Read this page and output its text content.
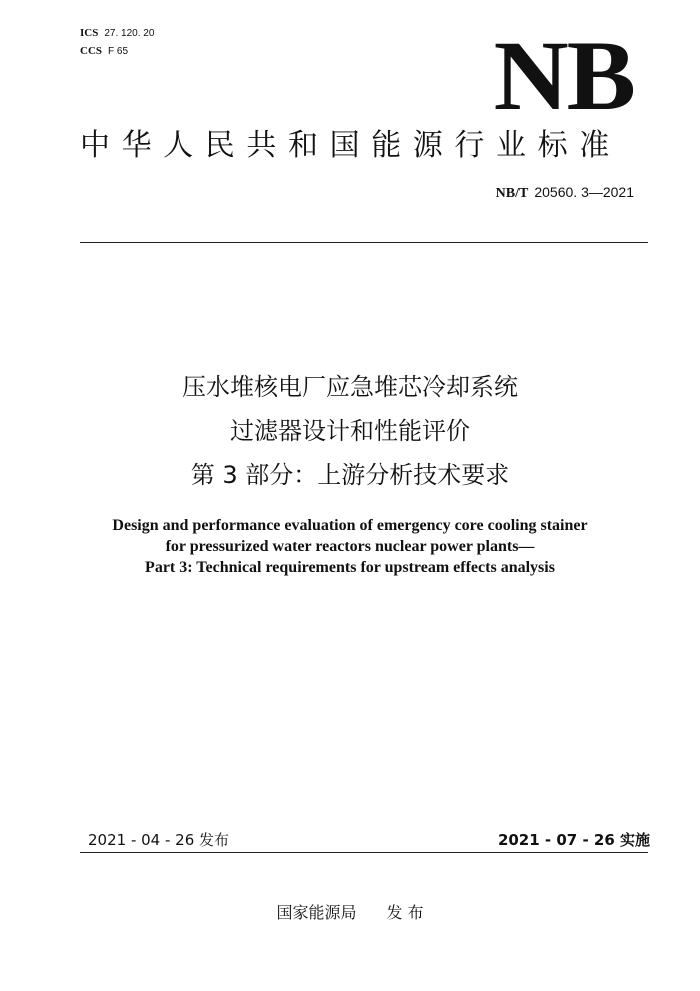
ICS 27. 120. 20
CCS F 65	NB
中华人民共和国能源行业标准
NB/T 20560. 3—2021
压水堆核电厂应急堆芯冷却系统
过滤器设计和性能评价
第 3 部分：上游分析技术要求
Design and performance evaluation of emergency core cooling stainer
for pressurized water reactors nuclear power plants—
Part 3: Technical requirements for upstream effects analysis
2021 - 04 - 26 发布	2021 - 07 - 26 实施
国家能源局 发 布
